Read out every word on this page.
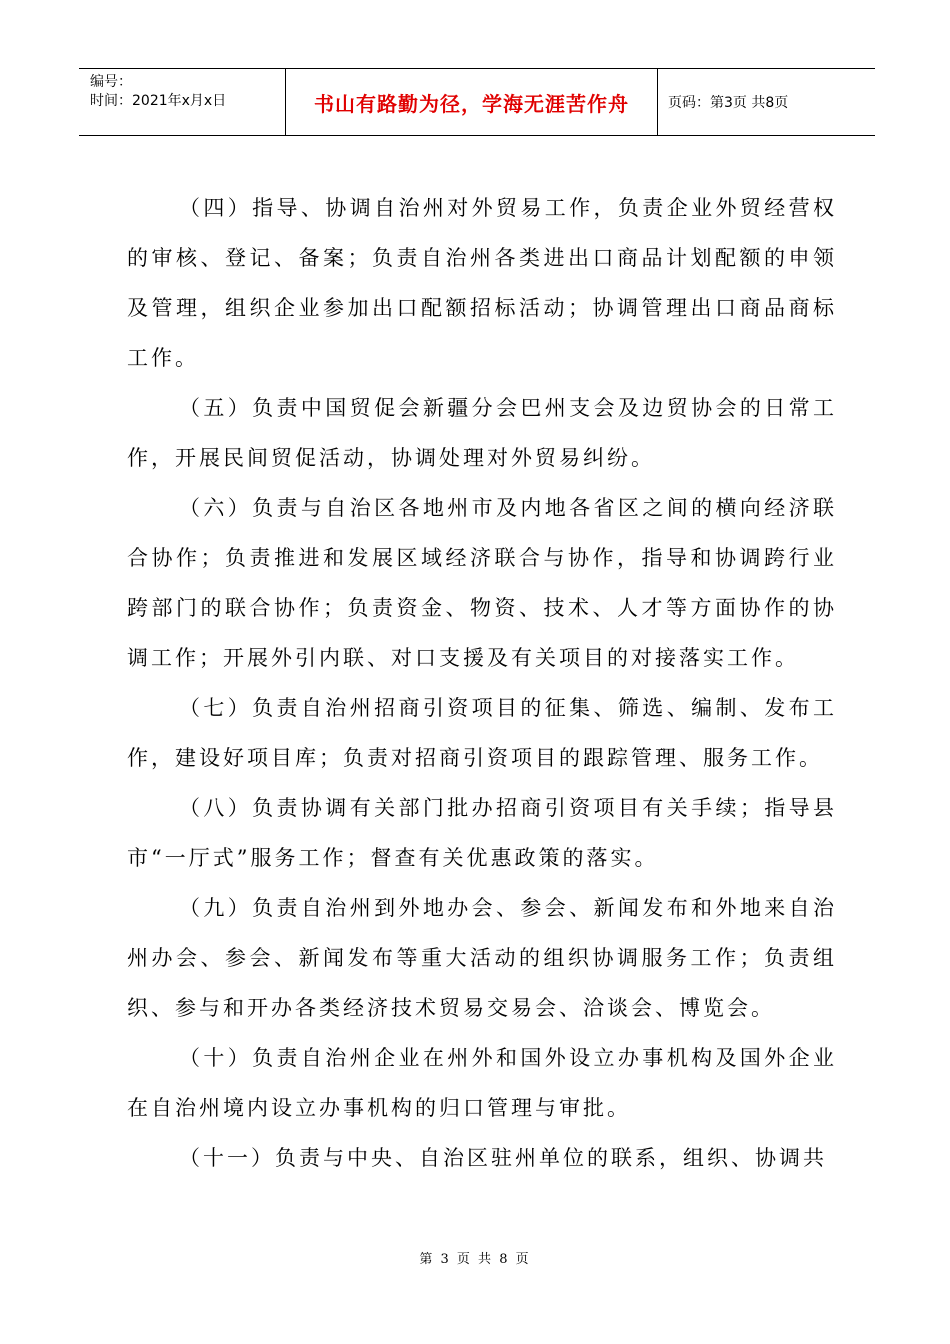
编号：
时间：2021年x月x日	书山有路勤为径，学海无涯苦作舟	页码：第3页 共8页

（四）指导、协调自治州对外贸易工作，负责企业外贸经营权的审核、登记、备案；负责自治州各类进出口商品计划配额的申领及管理，组织企业参加出口配额招标活动；协调管理出口商品商标工作。

（五）负责中国贸促会新疆分会巴州支会及边贸协会的日常工作，开展民间贸促活动，协调处理对外贸易纠纷。

（六）负责与自治区各地州市及内地各省区之间的横向经济联合协作；负责推进和发展区域经济联合与协作，指导和协调跨行业跨部门的联合协作；负责资金、物资、技术、人才等方面协作的协调工作；开展外引内联、对口支援及有关项目的对接落实工作。

（七）负责自治州招商引资项目的征集、筛选、编制、发布工作，建设好项目库；负责对招商引资项目的跟踪管理、服务工作。

（八）负责协调有关部门批办招商引资项目有关手续；指导县市“一厅式”服务工作；督查有关优惠政策的落实。

（九）负责自治州到外地办会、参会、新闻发布和外地来自治州办会、参会、新闻发布等重大活动的组织协调服务工作；负责组织、参与和开办各类经济技术贸易交易会、洽谈会、博览会。

（十）负责自治州企业在州外和国外设立办事机构及国外企业在自治州境内设立办事机构的归口管理与审批。

（十一）负责与中央、自治区驻州单位的联系，组织、协调共

第 3 页 共 8 页
